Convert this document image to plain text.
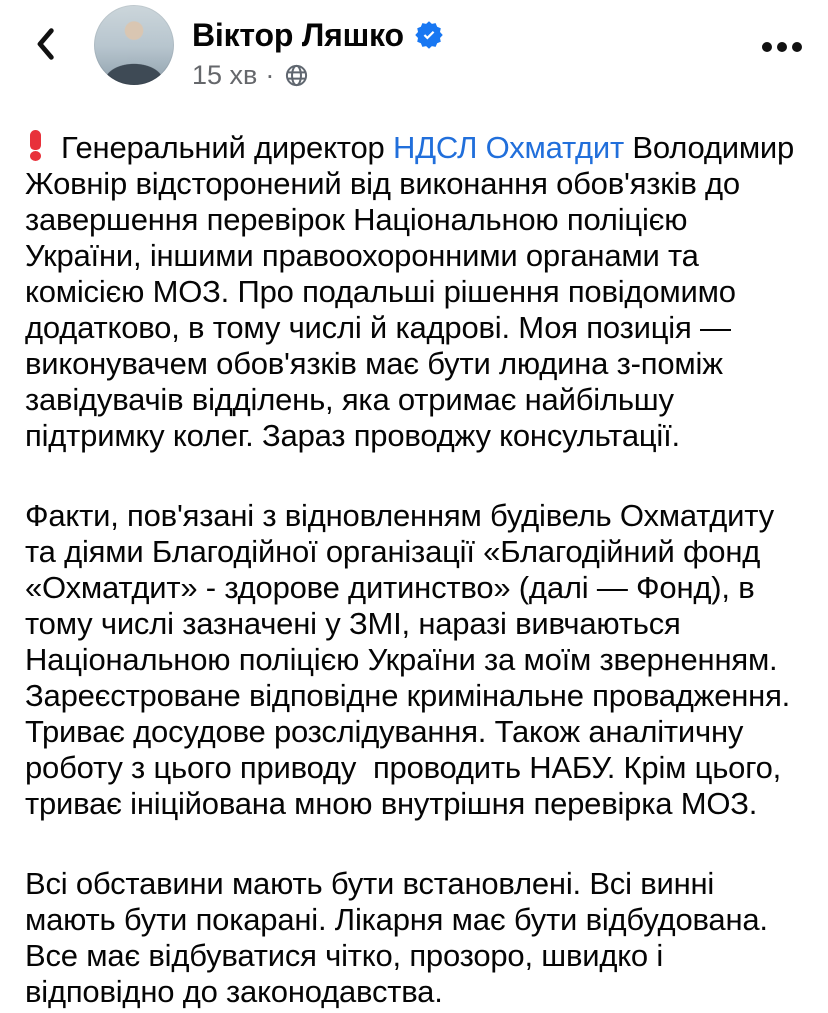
Віктор Ляшко
15 хв ·

Генеральний директор НДСЛ Охматдит Володимир Жовнір відсторонений від виконання обов'язків до завершення перевірок Національною поліцією України, іншими правоохоронними органами та комісією МОЗ. Про подальші рішення повідомимо додатково, в тому числі й кадрові. Моя позиція — виконувачем обов'язків має бути людина з-поміж завідувачів відділень, яка отримає найбільшу підтримку колег. Зараз проводжу консультації.

Факти, пов'язані з відновленням будівель Охматдиту та діями Благодійної організації «Благодійний фонд «Охматдит» - здорове дитинство» (далі — Фонд), в тому числі зазначені у ЗМІ, наразі вивчаються Національною поліцією України за моїм зверненням. Зареєстроване відповідне кримінальне провадження. Триває досудове розслідування. Також аналітичну роботу з цього приводу  проводить НАБУ. Крім цього, триває ініційована мною внутрішня перевірка МОЗ.

Всі обставини мають бути встановлені. Всі винні мають бути покарані. Лікарня має бути відбудована. Все має відбуватися чітко, прозоро, швидко і відповідно до законодавства.
